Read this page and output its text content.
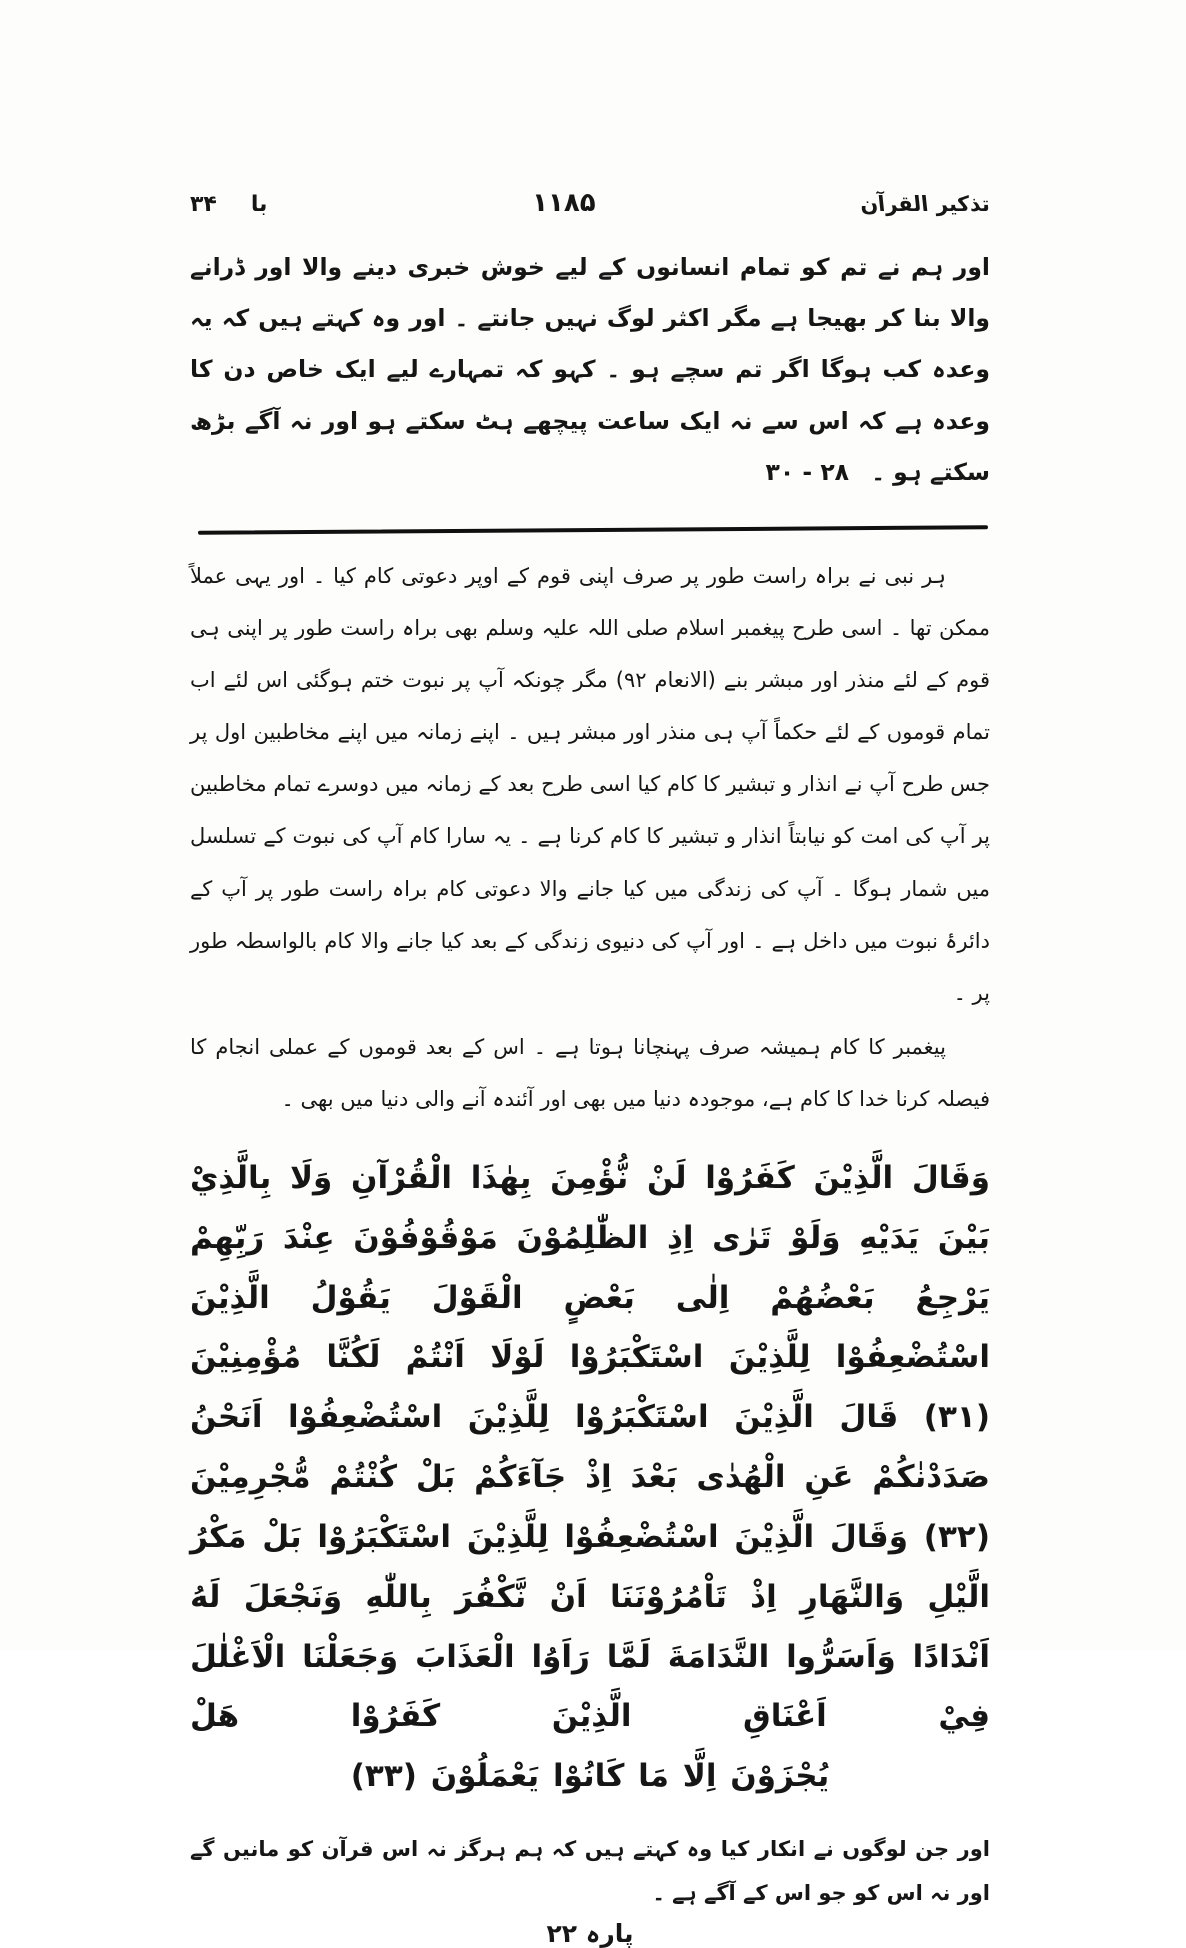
تذکیر القرآن
۱۱۸۵
با
۳۴

اور ہم نے تم کو تمام انسانوں کے لیے خوش خبری دینے والا اور ڈرانے والا بنا کر بھیجا ہے مگر اکثر لوگ نہیں جانتے ۔ اور وہ کہتے ہیں کہ یہ وعدہ کب ہوگا اگر تم سچے ہو ۔ کہو کہ تمہارے لیے ایک خاص دن کا وعدہ ہے کہ اس سے نہ ایک ساعت پیچھے ہٹ سکتے ہو اور نہ آگے بڑھ سکتے ہو ۔ ۲۸ - ۳۰

ہر نبی نے براہ راست طور پر صرف اپنی قوم کے اوپر دعوتی کام کیا ۔ اور یہی عملاً ممکن تھا ۔ اسی طرح پیغمبر اسلام صلی اللہ علیہ وسلم بھی براہ راست طور پر اپنی ہی قوم کے لئے منذر اور مبشر بنے (الانعام ۹۲) مگر چونکہ آپ پر نبوت ختم ہوگئی اس لئے اب تمام قوموں کے لئے حکماً آپ ہی منذر اور مبشر ہیں ۔ اپنے زمانہ میں اپنے مخاطبین اول پر جس طرح آپ نے انذار و تبشیر کا کام کیا اسی طرح بعد کے زمانہ میں دوسرے تمام مخاطبین پر آپ کی امت کو نیابتاً انذار و تبشیر کا کام کرنا ہے ۔ یہ سارا کام آپ کی نبوت کے تسلسل میں شمار ہوگا ۔ آپ کی زندگی میں کیا جانے والا دعوتی کام براہ راست طور پر آپ کے دائرۂ نبوت میں داخل ہے ۔ اور آپ کی دنیوی زندگی کے بعد کیا جانے والا کام بالواسطہ طور پر ۔

پیغمبر کا کام ہمیشہ صرف پہنچانا ہوتا ہے ۔ اس کے بعد قوموں کے عملی انجام کا فیصلہ کرنا خدا کا کام ہے، موجودہ دنیا میں بھی اور آئندہ آنے والی دنیا میں بھی ۔

وَقَالَ الَّذِيْنَ كَفَرُوْا لَنْ نُّؤْمِنَ بِهٰذَا الْقُرْآنِ وَلَا بِالَّذِيْ بَيْنَ يَدَيْهِ وَلَوْ تَرٰى اِذِ الظّٰلِمُوْنَ مَوْقُوْفُوْنَ عِنْدَ رَبِّهِمْ يَرْجِعُ بَعْضُهُمْ اِلٰى بَعْضٍ الْقَوْلَ يَقُوْلُ الَّذِيْنَ اسْتُضْعِفُوْا لِلَّذِيْنَ اسْتَكْبَرُوْا لَوْلَا اَنْتُمْ لَكُنَّا مُؤْمِنِيْنَ (۳۱) قَالَ الَّذِيْنَ اسْتَكْبَرُوْا لِلَّذِيْنَ اسْتُضْعِفُوْا اَنَحْنُ صَدَدْنٰكُمْ عَنِ الْهُدٰى بَعْدَ اِذْ جَآءَكُمْ بَلْ كُنْتُمْ مُّجْرِمِيْنَ (۳۲) وَقَالَ الَّذِيْنَ اسْتُضْعِفُوْا لِلَّذِيْنَ اسْتَكْبَرُوْا بَلْ مَكْرُ الَّيْلِ وَالنَّهَارِ اِذْ تَاْمُرُوْنَنَا اَنْ نَّكْفُرَ بِاللّٰهِ وَنَجْعَلَ لَهُ اَنْدَادًا وَاَسَرُّوا النَّدَامَةَ لَمَّا رَاَوُا الْعَذَابَ وَجَعَلْنَا الْاَغْلٰلَ فِيْ اَعْنَاقِ الَّذِيْنَ كَفَرُوْا هَلْ
يُجْزَوْنَ اِلَّا مَا كَانُوْا يَعْمَلُوْنَ (۳۳)

اور جن لوگوں نے انکار کیا وہ کہتے ہیں کہ ہم ہرگز نہ اس قرآن کو مانیں گے اور نہ اس کو جو اس کے آگے ہے ۔

پارہ ۲۲
